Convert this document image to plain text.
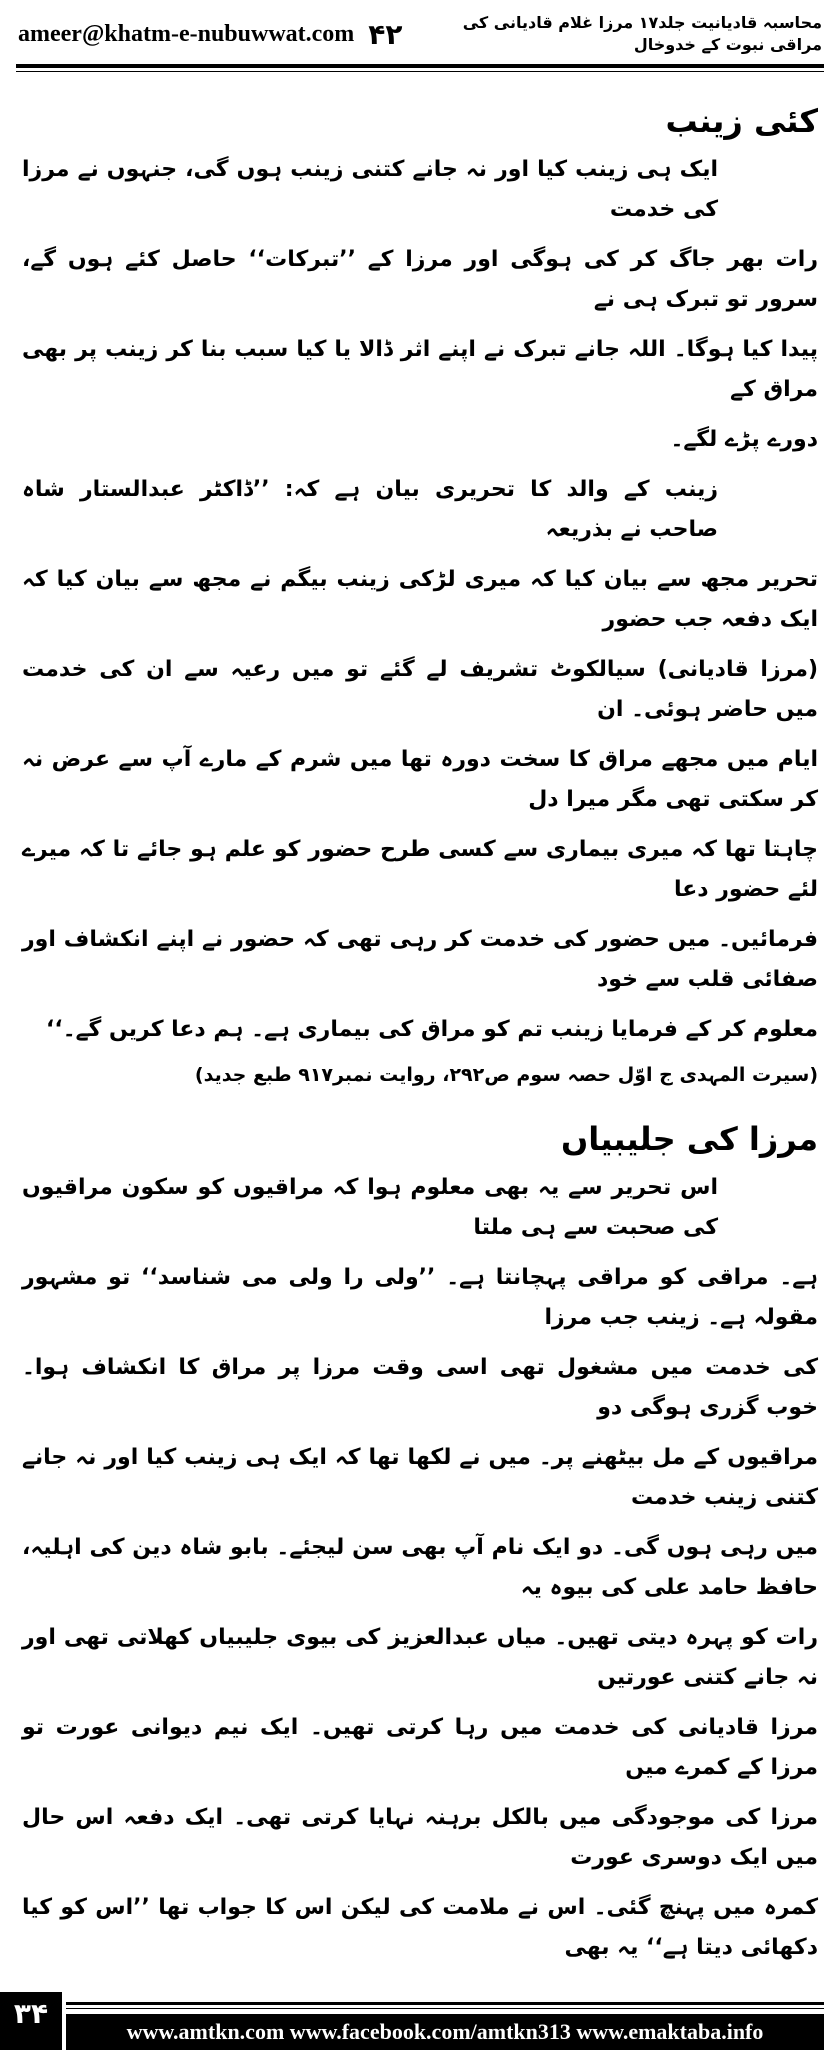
ameer@khatm-e-nubuwwat.com ۴۲	محاسبہ قادیانیت جلد۱۷ مرزا غلام قادیانی کی مراقی نبوت کے خدوخال
کئی زینب
ایک ہی زینب کیا اور نہ جانے کتنی زینب ہوں گی، جنہوں نے مرزا کی خدمت
رات بھر جاگ کر کی ہوگی اور مرزا کے ’’تبرکات‘‘ حاصل کئے ہوں گے، سرور تو تبرک ہی نے
پیدا کیا ہوگا۔ اللہ جانے تبرک نے اپنے اثر ڈالا یا کیا سبب بنا کر زینب پر بھی مراق کے
دورے پڑے لگے۔
زینب کے والد کا تحریری بیان ہے کہ: ’’ڈاکٹر عبدالستار شاہ صاحب نے بذریعہ
تحریر مجھ سے بیان کیا کہ میری لڑکی زینب بیگم نے مجھ سے بیان کیا کہ ایک دفعہ جب حضور
(مرزا قادیانی) سیالکوٹ تشریف لے گئے تو میں رعیہ سے ان کی خدمت میں حاضر ہوئی۔ ان
ایام میں مجھے مراق کا سخت دورہ تھا میں شرم کے مارے آپ سے عرض نہ کر سکتی تھی مگر میرا دل
چاہتا تھا کہ میری بیماری سے کسی طرح حضور کو علم ہو جائے تا کہ میرے لئے حضور دعا
فرمائیں۔ میں حضور کی خدمت کر رہی تھی کہ حضور نے اپنے انکشاف اور صفائی قلب سے خود
معلوم کر کے فرمایا زینب تم کو مراق کی بیماری ہے۔ ہم دعا کریں گے۔‘‘
(سیرت المہدی ج اوّل حصہ سوم ص۲۹۲، روایت نمبر۹۱۷ طبع جدید)
مرزا کی جلیبیاں
اس تحریر سے یہ بھی معلوم ہوا کہ مراقیوں کو سکون مراقیوں کی صحبت سے ہی ملتا
ہے۔ مراقی کو مراقی پہچانتا ہے۔ ’’ولی را ولی می شناسد‘‘ تو مشہور مقولہ ہے۔ زینب جب مرزا
کی خدمت میں مشغول تھی اسی وقت مرزا پر مراق کا انکشاف ہوا۔ خوب گزری ہوگی دو
مراقیوں کے مل بیٹھنے پر۔ میں نے لکھا تھا کہ ایک ہی زینب کیا اور نہ جانے کتنی زینب خدمت
میں رہی ہوں گی۔ دو ایک نام آپ بھی سن لیجئے۔ بابو شاہ دین کی اہلیہ، حافظ حامد علی کی بیوہ یہ
رات کو پہرہ دیتی تھیں۔ میاں عبدالعزیز کی بیوی جلیبیاں کھلاتی تھی اور نہ جانے کتنی عورتیں
مرزا قادیانی کی خدمت میں رہا کرتی تھیں۔ ایک نیم دیوانی عورت تو مرزا کے کمرے میں
مرزا کی موجودگی میں بالکل برہنہ نہایا کرتی تھی۔ ایک دفعہ اس حال میں ایک دوسری عورت
کمرہ میں پہنچ گئی۔ اس نے ملامت کی لیکن اس کا جواب تھا ’’اس کو کیا دکھائی دیتا ہے‘‘ یہ بھی
۳۴
www.amtkn.com www.facebook.com/amtkn313 www.emaktaba.info
